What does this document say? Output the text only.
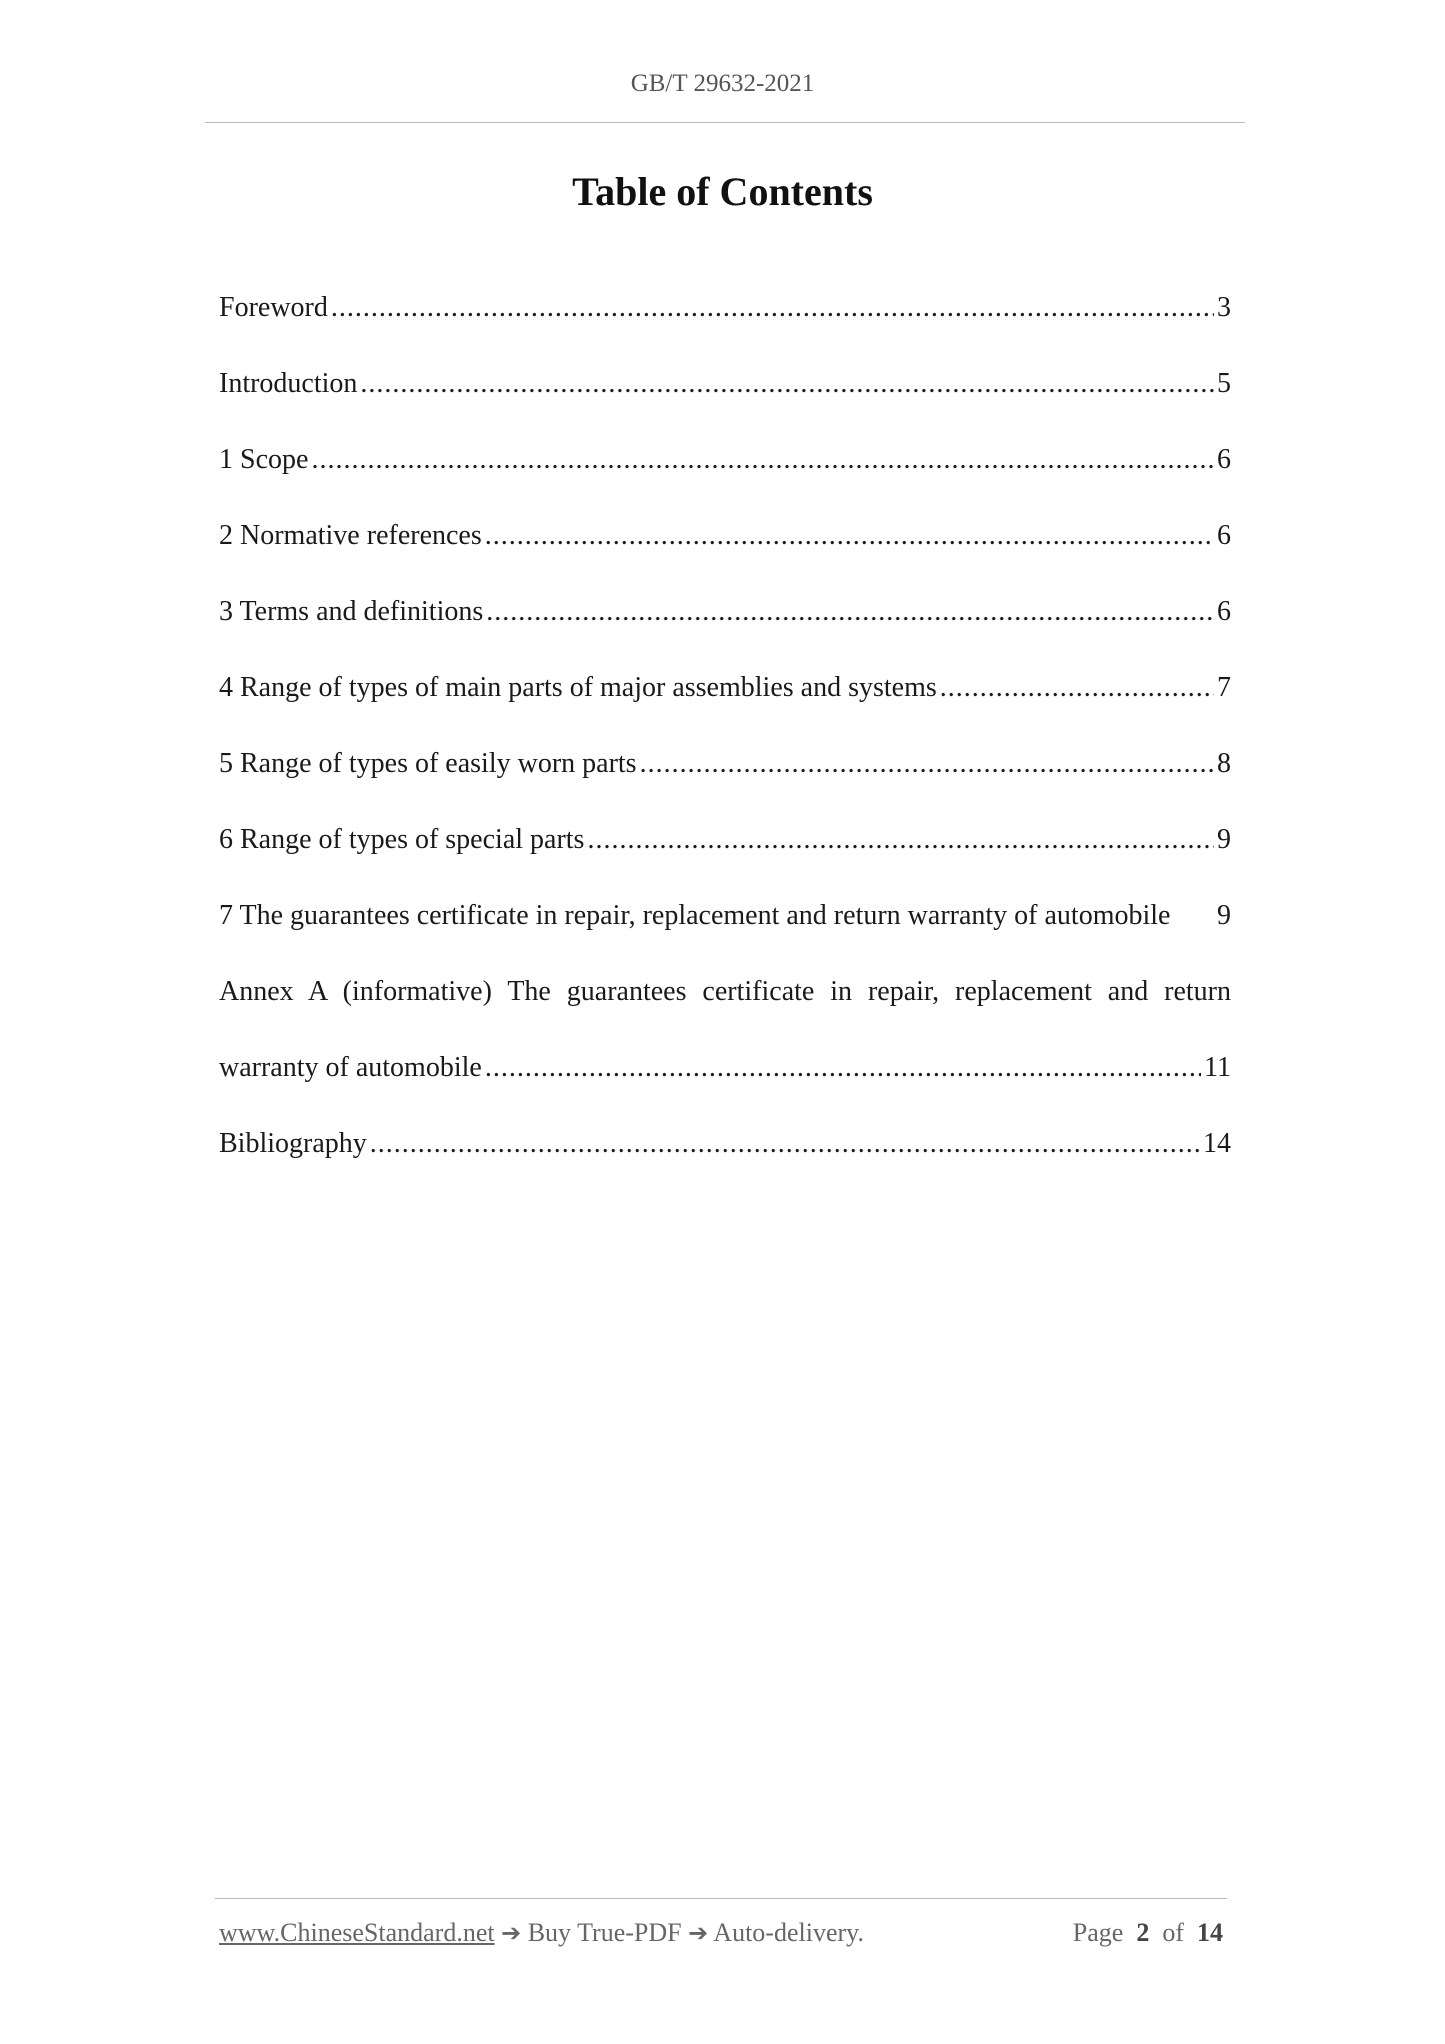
GB/T 29632-2021
Table of Contents
Foreword .....	3
Introduction .....	5
1 Scope .....	6
2 Normative references .....	6
3 Terms and definitions .....	6
4 Range of types of main parts of major assemblies and systems .....	7
5 Range of types of easily worn parts .....	8
6 Range of types of special parts .....	9
7 The guarantees certificate in repair, replacement and return warranty of automobile 9
Annex A (informative) The guarantees certificate in repair, replacement and return
warranty of automobile .....	11
Bibliography .....	14
www.ChineseStandard.net ➔ Buy True-PDF ➔ Auto-delivery.	Page 2 of 14
